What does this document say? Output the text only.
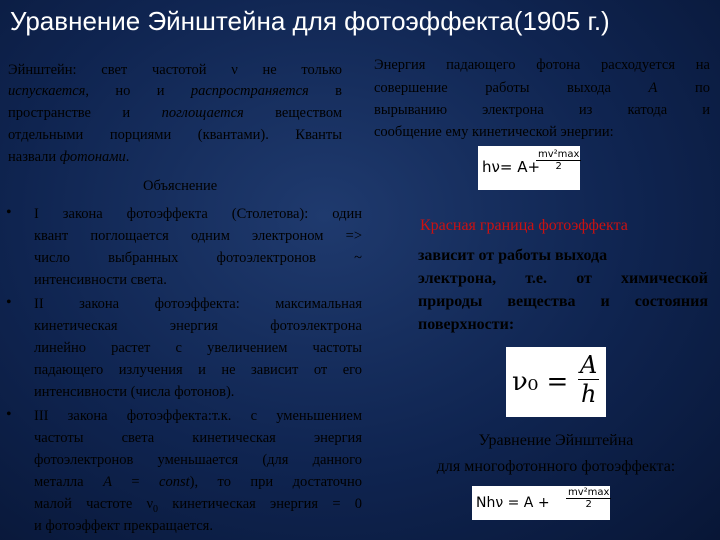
Уравнение Эйнштейна для фотоэффекта(1905 г.)
Эйнштейн: свет частотой ν не только
испускается, но и распространяется в
пространстве и поглощается веществом
отдельными порциями (квантами). Кванты
назвали фотонами.
Энергия падающего фотона расходуется на
совершение работы выхода A по
вырыванию электрона из катода и
сообщение ему кинетической энергии:
hν= A+
mv²max
2
Объяснение
• I закона фотоэффекта (Столетова): один
квант поглощается одним электроном =>
число выбранных фотоэлектронов ~
интенсивности света.
• II закона фотоэффекта: максимальная
кинетическая энергия фотоэлектрона
линейно растет с увеличением частоты
падающего излучения и не зависит от его
интенсивности (числа фотонов).
• III закона фотоэффекта:т.к. с уменьшением
частоты света кинетическая энергия
фотоэлектронов уменьшается (для данного
металла A = const), то при достаточно
малой частоте $\nu_0$ кинетическая энергия = 0
и фотоэффект прекращается.
Красная граница фотоэффекта
зависит от работы выхода
электрона, т.е. от химической
природы вещества и состояния
поверхности:
$\nu_0 = \frac{A}{h}$
Уравнение Эйнштейна
для многофотонного фотоэффекта:
Nhν = A +
mv²max
2
